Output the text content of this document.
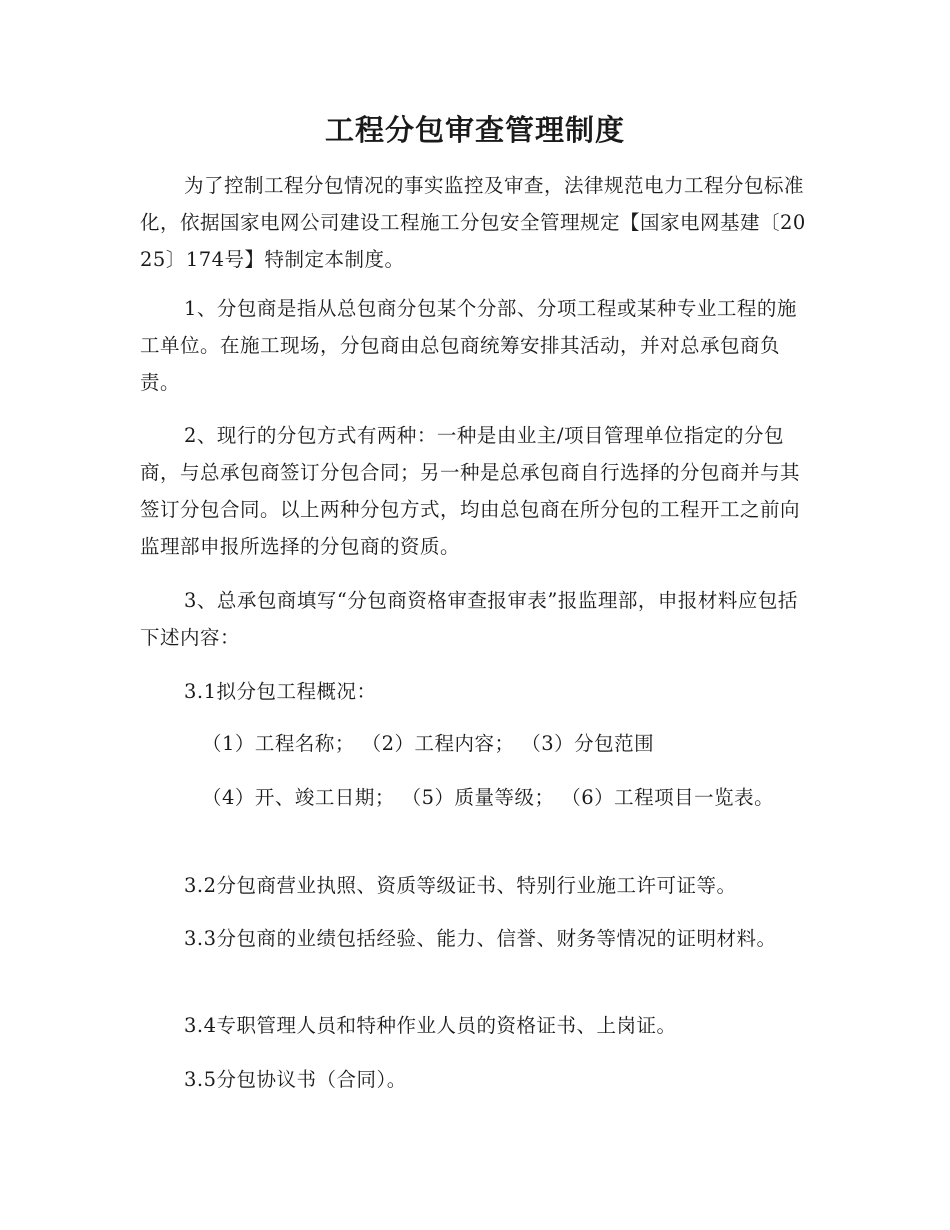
工程分包审查管理制度

为了控制工程分包情况的事实监控及审查，法律规范电力工程分包标准化，依据国家电网公司建设工程施工分包安全管理规定【国家电网基建〔2025〕174号】特制定本制度。

1、分包商是指从总包商分包某个分部、分项工程或某种专业工程的施工单位。在施工现场，分包商由总包商统筹安排其活动，并对总承包商负责。

2、现行的分包方式有两种：一种是由业主/项目管理单位指定的分包商，与总承包商签订分包合同；另一种是总承包商自行选择的分包商并与其签订分包合同。以上两种分包方式，均由总包商在所分包的工程开工之前向监理部申报所选择的分包商的资质。

3、总承包商填写“分包商资格审查报审表”报监理部，申报材料应包括下述内容：

3.1拟分包工程概况：

（1）工程名称； （2）工程内容； （3）分包范围

（4）开、竣工日期； （5）质量等级； （6）工程项目一览表。

3.2分包商营业执照、资质等级证书、特别行业施工许可证等。

3.3分包商的业绩包括经验、能力、信誉、财务等情况的证明材料。

3.4专职管理人员和特种作业人员的资格证书、上岗证。

3.5分包协议书（合同）。
